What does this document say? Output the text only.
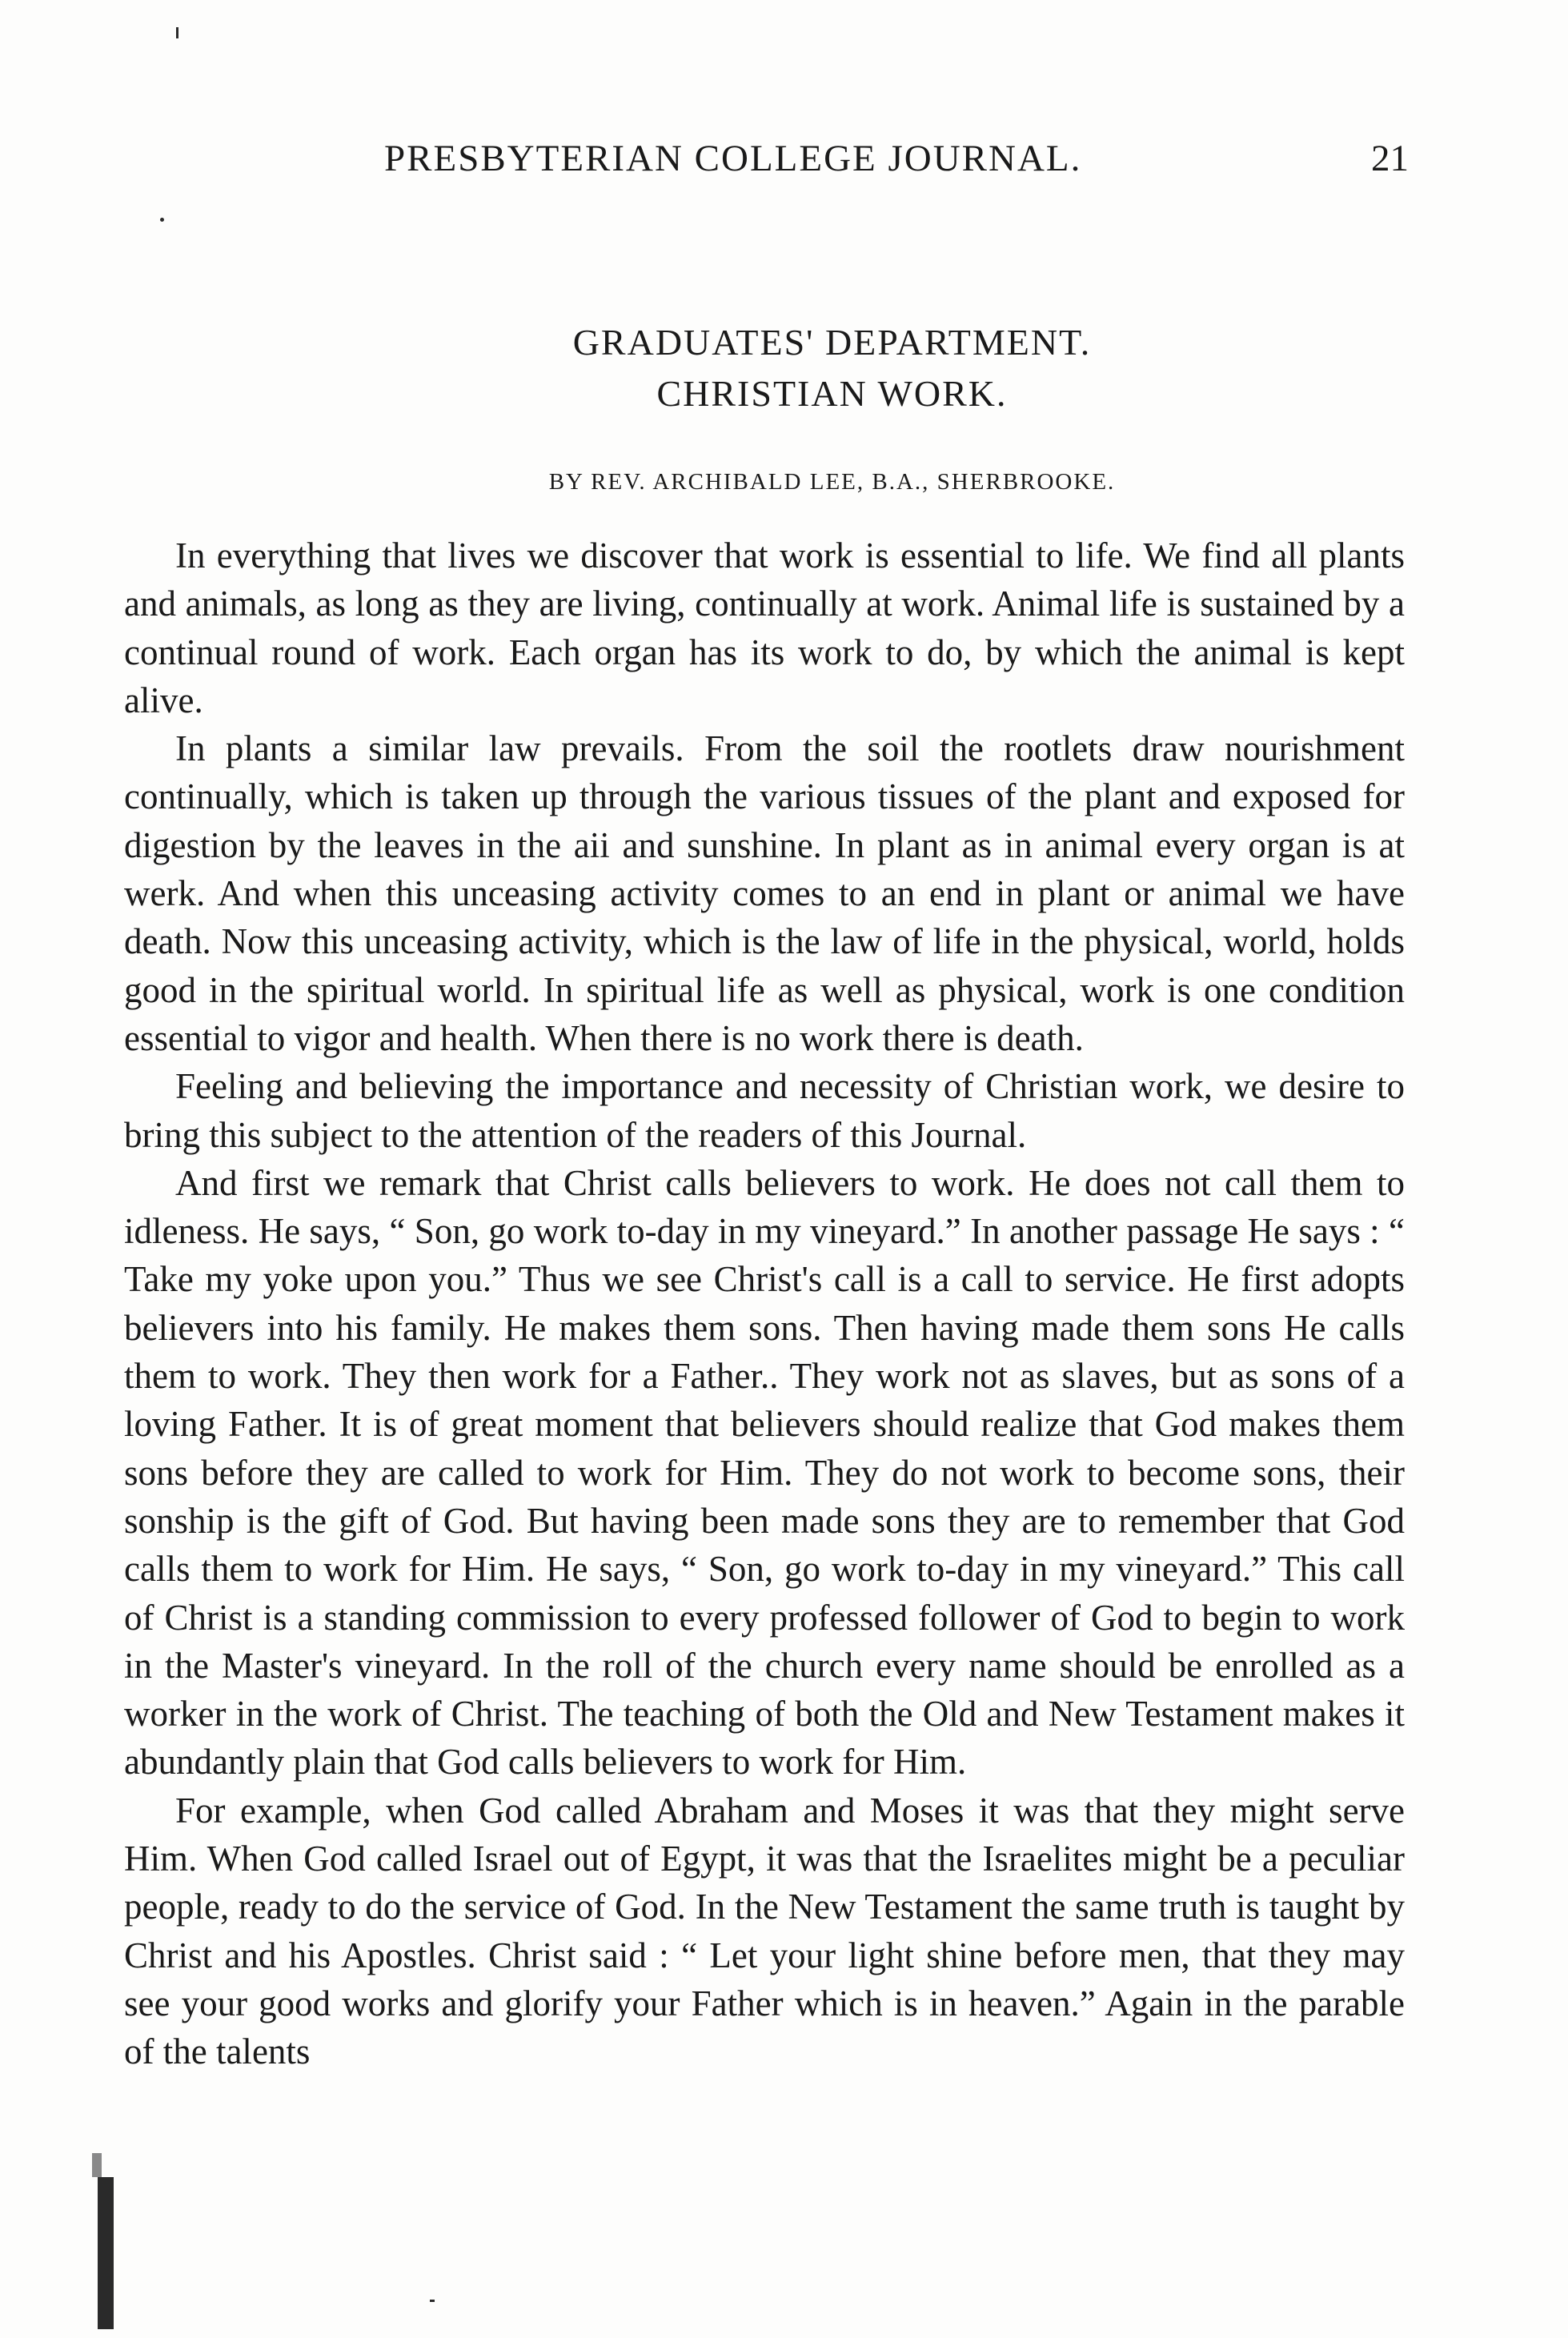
PRESBYTERIAN COLLEGE JOURNAL.	21
GRADUATES' DEPARTMENT.
CHRISTIAN WORK.
BY REV. ARCHIBALD LEE, B.A., SHERBROOKE.

In everything that lives we discover that work is essential to life. We find all plants and animals, as long as they are living, continually at work. Animal life is sustained by a continual round of work. Each organ has its work to do, by which the animal is kept alive.

In plants a similar law prevails. From the soil the rootlets draw nourishment continually, which is taken up through the various tissues of the plant and exposed for digestion by the leaves in the aii and sunshine. In plant as in animal every organ is at werk. And when this unceasing activity comes to an end in plant or animal we have death. Now this unceasing activity, which is the law of life in the physical, world, holds good in the spiritual world. In spiritual life as well as physical, work is one condition essential to vigor and health. When there is no work there is death.

Feeling and believing the importance and necessity of Christian work, we desire to bring this subject to the attention of the readers of this Journal.

And first we remark that Christ calls believers to work. He does not call them to idleness. He says, “ Son, go work to-day in my vineyard.” In another passage He says : “ Take my yoke upon you.” Thus we see Christ's call is a call to service. He first adopts believers into his family. He makes them sons. Then having made them sons He calls them to work. They then work for a Father.. They work not as slaves, but as sons of a loving Father. It is of great moment that believers should realize that God makes them sons before they are called to work for Him. They do not work to become sons, their sonship is the gift of God. But having been made sons they are to remember that God calls them to work for Him. He says, “ Son, go work to-day in my vineyard.” This call of Christ is a standing commission to every professed follower of God to begin to work in the Master's vineyard. In the roll of the church every name should be enrolled as a worker in the work of Christ. The teaching of both the Old and New Testament makes it abundantly plain that God calls believers to work for Him.

For example, when God called Abraham and Moses it was that they might serve Him. When God called Israel out of Egypt, it was that the Israelites might be a peculiar people, ready to do the service of God. In the New Testament the same truth is taught by Christ and his Apostles. Christ said : “ Let your light shine before men, that they may see your good works and glorify your Father which is in heaven.” Again in the parable of the talents
